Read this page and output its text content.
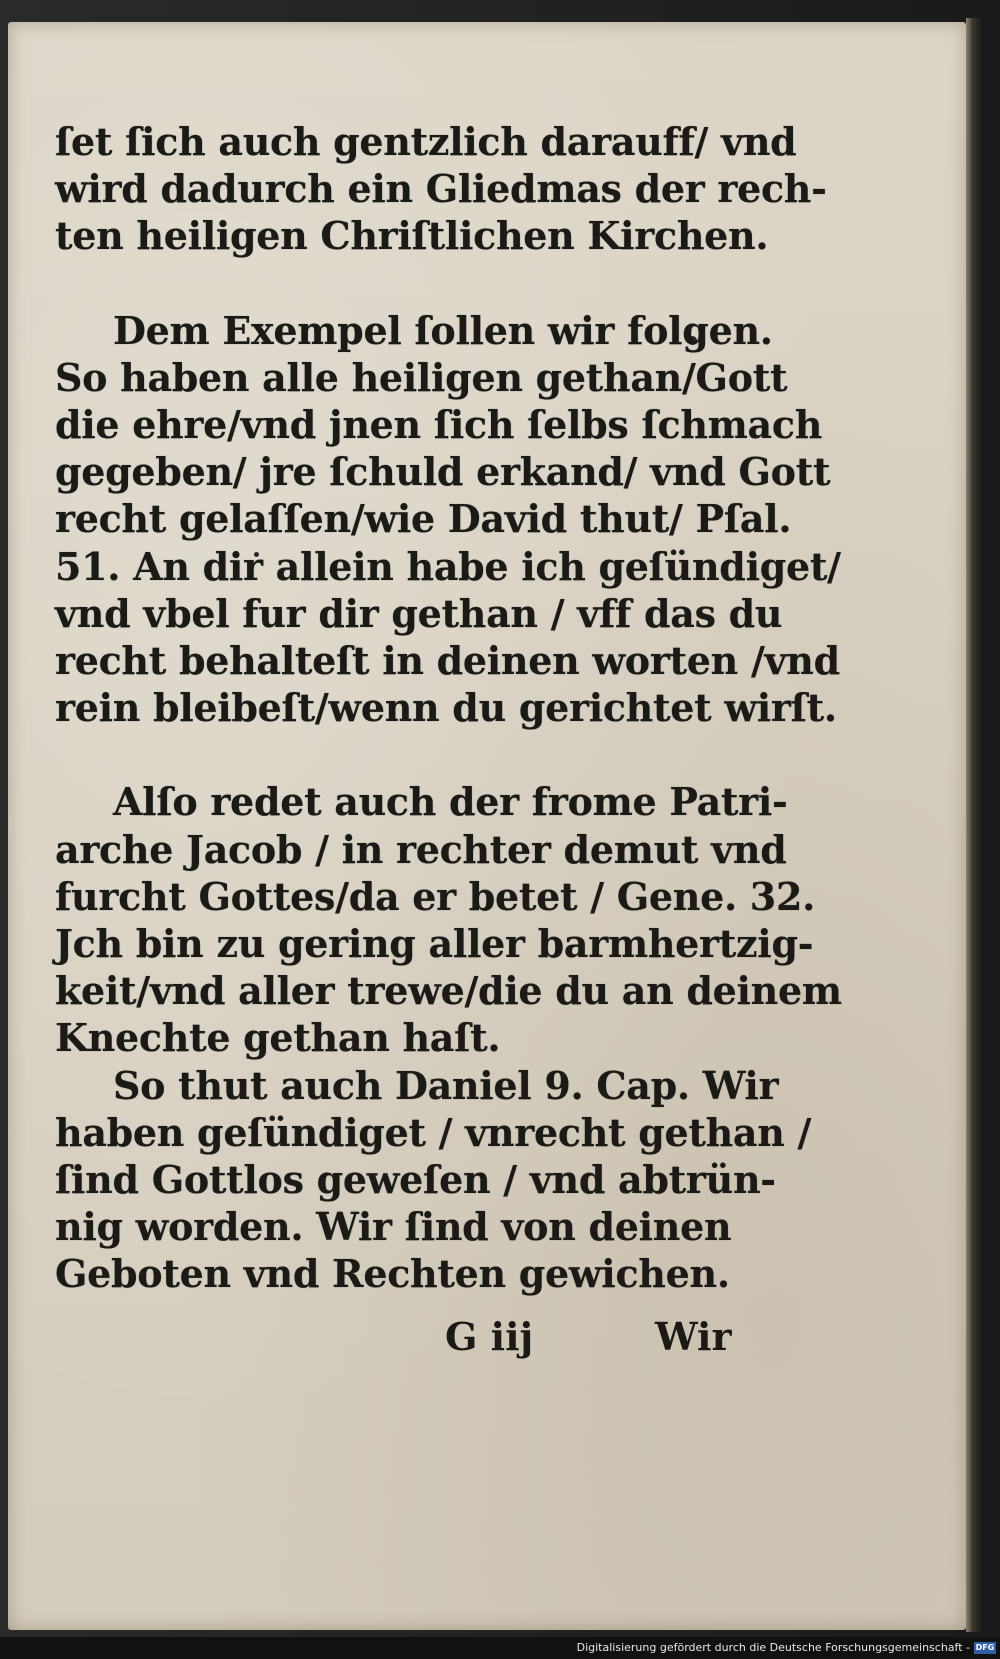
ſet ſich auch gentzlich darauff/ vnd
wird dadurch ein Gliedmas der rech-
ten heiligen Chriſtlichen Kirchen.
Dem Exempel ſollen wir folgen.
So haben alle heiligen gethan/Gott
die ehre/vnd jnen ſich ſelbs ſchmach
gegeben/ jre ſchuld erkand/ vnd Gott
recht gelaſſen/wie David thut/ Pſal.
51. An dir allein habe ich geſündiget/
vnd vbel fur dir gethan / vff das du
recht behalteſt in deinen worten /vnd
rein bleibeſt/wenn du gerichtet wirſt.
Alſo redet auch der frome Patri-
arche Jacob / in rechter demut vnd
furcht Gottes/da er betet / Gene. 32.
Jch bin zu gering aller barmhertzig-
keit/vnd aller trewe/die du an deinem
Knechte gethan haſt.
So thut auch Daniel 9. Cap. Wir
haben geſündiget / vnrecht gethan /
ſind Gottlos geweſen / vnd abtrün-
nig worden. Wir ſind von deinen
Geboten vnd Rechten gewichen.
G iij	Wir
Digitalisierung gefördert durch die Deutsche Forschungsgemeinschaft - DFG
